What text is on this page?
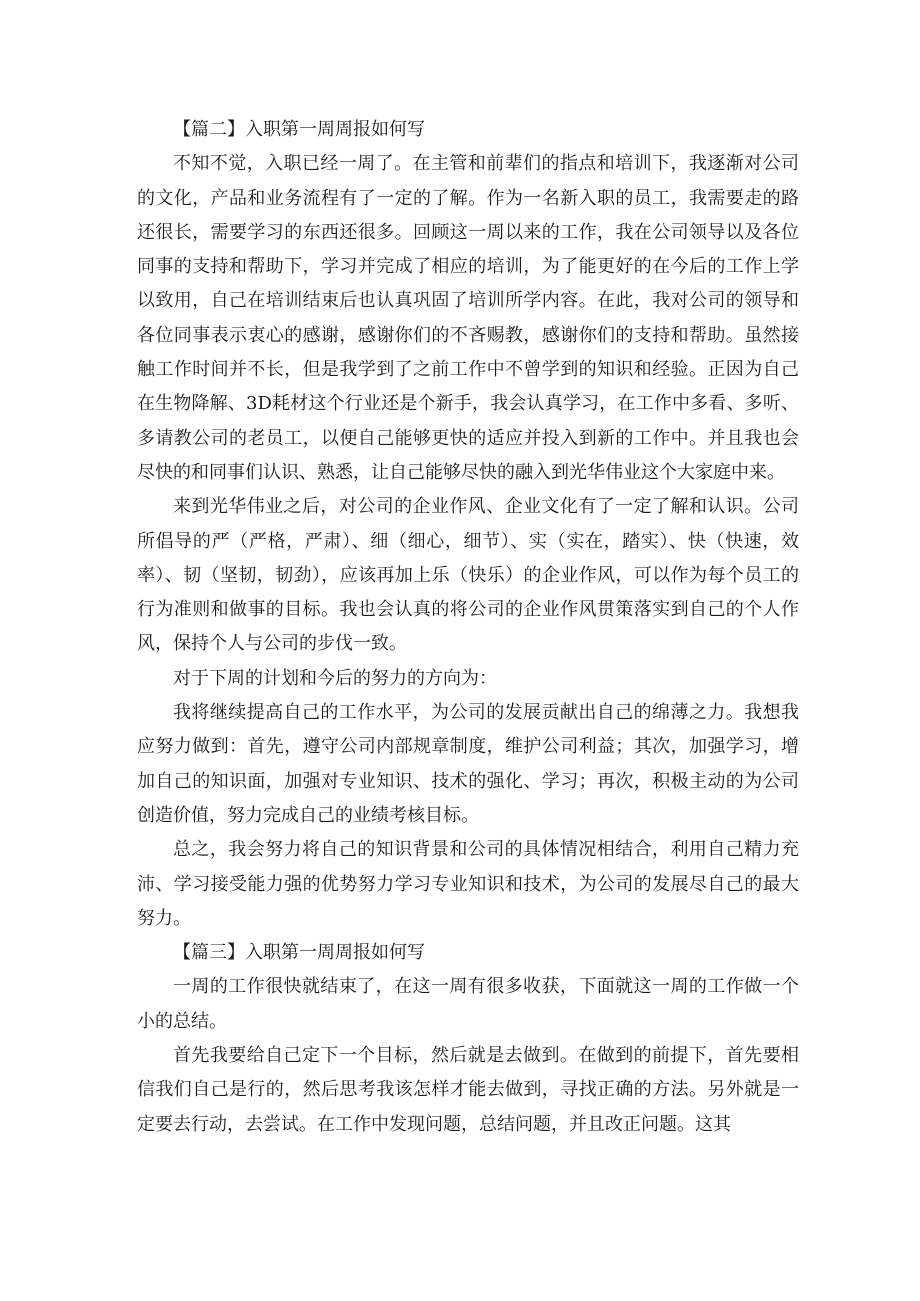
【篇二】入职第一周周报如何写

不知不觉，入职已经一周了。在主管和前辈们的指点和培训下，我逐渐对公司的文化，产品和业务流程有了一定的了解。作为一名新入职的员工，我需要走的路还很长，需要学习的东西还很多。回顾这一周以来的工作，我在公司领导以及各位同事的支持和帮助下，学习并完成了相应的培训，为了能更好的在今后的工作上学以致用，自己在培训结束后也认真巩固了培训所学内容。在此，我对公司的领导和各位同事表示衷心的感谢，感谢你们的不吝赐教，感谢你们的支持和帮助。虽然接触工作时间并不长，但是我学到了之前工作中不曾学到的知识和经验。正因为自己在生物降解、3D耗材这个行业还是个新手，我会认真学习，在工作中多看、多听、多请教公司的老员工，以便自己能够更快的适应并投入到新的工作中。并且我也会尽快的和同事们认识、熟悉，让自己能够尽快的融入到光华伟业这个大家庭中来。

来到光华伟业之后，对公司的企业作风、企业文化有了一定了解和认识。公司所倡导的严（严格，严肃）、细（细心，细节）、实（实在，踏实）、快（快速，效率）、韧（坚韧，韧劲），应该再加上乐（快乐）的企业作风，可以作为每个员工的行为准则和做事的目标。我也会认真的将公司的企业作风贯策落实到自己的个人作风，保持个人与公司的步伐一致。

对于下周的计划和今后的努力的方向为：

我将继续提高自己的工作水平，为公司的发展贡献出自己的绵薄之力。我想我应努力做到：首先，遵守公司内部规章制度，维护公司利益；其次，加强学习，增加自己的知识面，加强对专业知识、技术的强化、学习；再次，积极主动的为公司创造价值，努力完成自己的业绩考核目标。

总之，我会努力将自己的知识背景和公司的具体情况相结合，利用自己精力充沛、学习接受能力强的优势努力学习专业知识和技术，为公司的发展尽自己的最大努力。

【篇三】入职第一周周报如何写

一周的工作很快就结束了，在这一周有很多收获，下面就这一周的工作做一个小的总结。

首先我要给自己定下一个目标，然后就是去做到。在做到的前提下，首先要相信我们自己是行的，然后思考我该怎样才能去做到，寻找正确的方法。另外就是一定要去行动，去尝试。在工作中发现问题，总结问题，并且改正问题。这其
